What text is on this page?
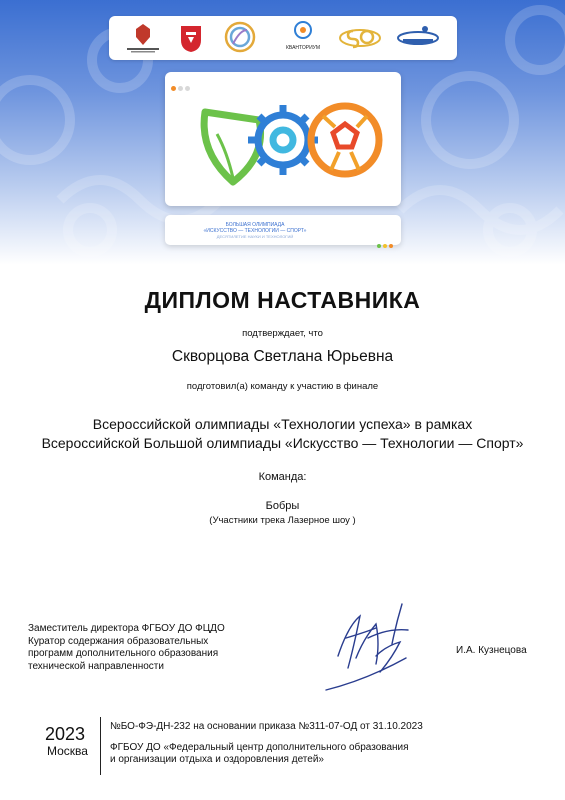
КВАНТОРИУМ
БОЛЬШАЯ ОЛИМПИАДА
«ИСКУССТВО — ТЕХНОЛОГИИ — СПОРТ»
ДЕСЯТИЛЕТИЕ НАУКИ И ТЕХНОЛОГИЙ
ДИПЛОМ НАСТАВНИКА
подтверждает, что
Скворцова Светлана Юрьевна
подготовил(а) команду к участию в финале
Всероссийской олимпиады «Технологии успеха» в рамках
Всероссийской Большой олимпиады «Искусство — Технологии — Спорт»
Команда:
Бобры
(Участники трека Лазерное шоу )
Заместитель директора ФГБОУ ДО ФЦДО
Куратор содержания образовательных
программ дополнительного образования
технической направленности
И.А. Кузнецова
2023
Москва
№БО-ФЭ-ДН-232 на основании приказа №311-07-ОД от 31.10.2023
ФГБОУ ДО «Федеральный центр дополнительного образования
и организации отдыха и оздоровления детей»
